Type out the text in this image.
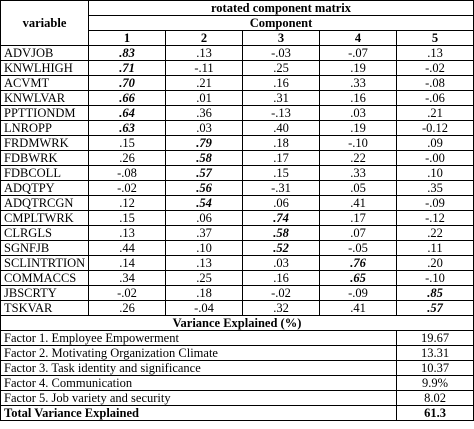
variable	rotated component matrix				
	Component				
	1	2	3	4	5
ADVJOB	.83	.13	-.03	-.07	.13
KNWLHIGH	.71	-.11	.25	.19	-.02
ACVMT	.70	.21	.16	.33	-.08
KNWLVAR	.66	.01	.31	.16	-.06
PPTTIONDM	.64	.36	-.13	.03	.21
LNROPP	.63	.03	.40	.19	-0.12
FRDMWRK	.15	.79	.18	-.10	.09
FDBWRK	.26	.58	.17	.22	-.00
FDBCOLL	-.08	.57	.15	.33	.10
ADQTPY	-.02	.56	-.31	.05	.35
ADQTRCGN	.12	.54	.06	.41	-.09
CMPLTWRK	.15	.06	.74	.17	-.12
CLRGLS	.13	.37	.58	.07	.22
SGNFJB	.44	.10	.52	-.05	.11
SCLINTRTION	.14	.13	.03	.76	.20
COMMACCS	.34	.25	.16	.65	-.10
JBSCRTY	-.02	.18	-.02	-.09	.85
TSKVAR	.26	-.04	.32	.41	.57
Variance Explained (%)					
Factor 1. Employee Empowerment					19.67
Factor 2. Motivating Organization Climate					13.31
Factor 3. Task identity and significance					10.37
Factor 4. Communication					9.9%
Factor 5. Job variety and security					8.02
Total Variance Explained					61.3
